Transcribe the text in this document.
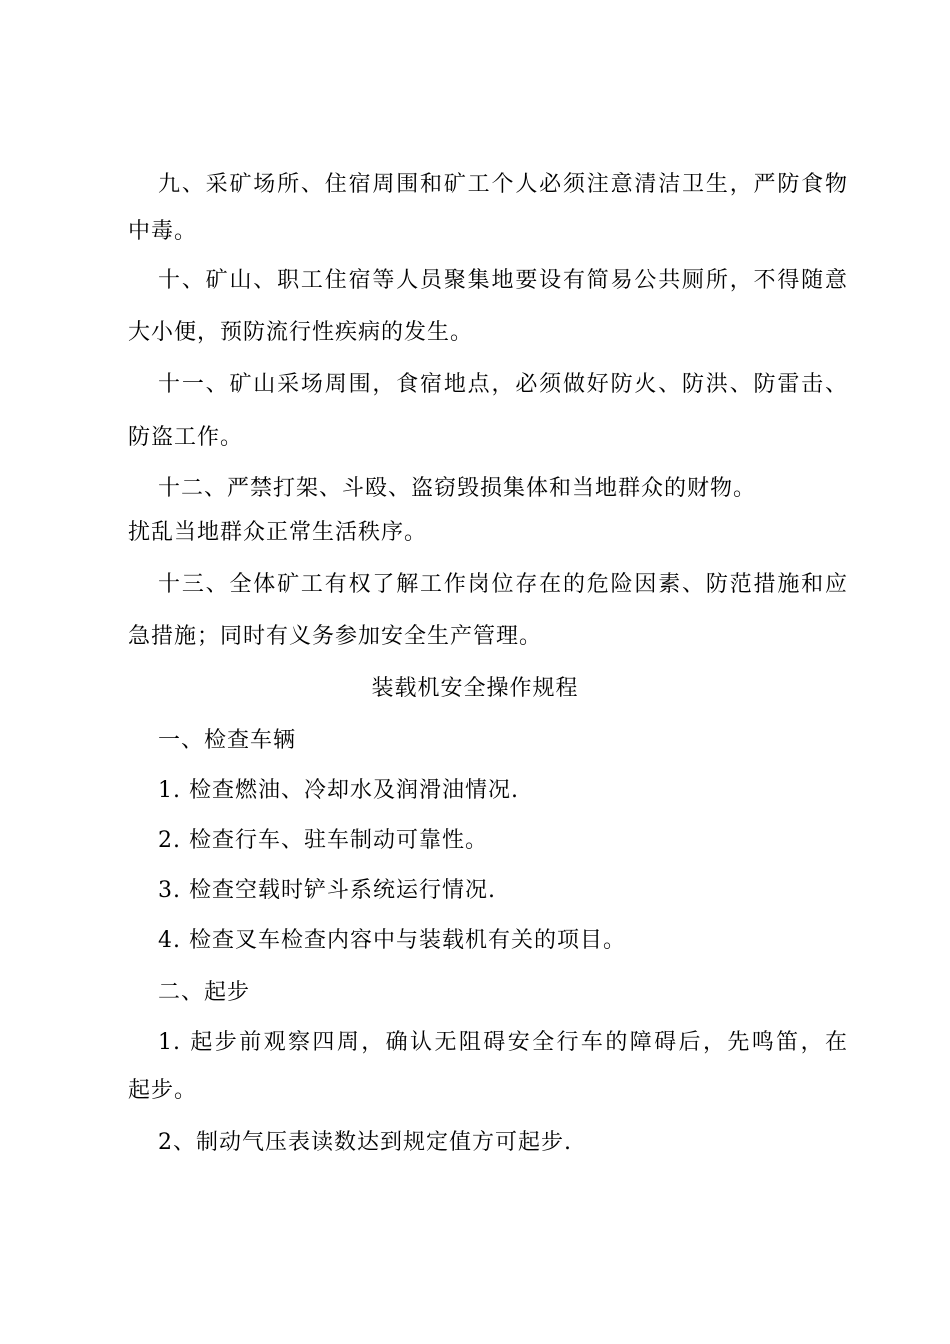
九、采矿场所、住宿周围和矿工个人必须注意清洁卫生，严防食物
中毒。
十、矿山、职工住宿等人员聚集地要设有简易公共厕所，不得随意
大小便，预防流行性疾病的发生。
十一、矿山采场周围，食宿地点，必须做好防火、防洪、防雷击、
防盗工作。
十二、严禁打架、斗殴、盗窃毁损集体和当地群众的财物。
扰乱当地群众正常生活秩序。
十三、全体矿工有权了解工作岗位存在的危险因素、防范措施和应
急措施；同时有义务参加安全生产管理。
装载机安全操作规程
一、检查车辆
1. 检查燃油、冷却水及润滑油情况.
2. 检查行车、驻车制动可靠性。
3. 检查空载时铲斗系统运行情况.
4. 检查叉车检查内容中与装载机有关的项目。
二、起步
1. 起步前观察四周，确认无阻碍安全行车的障碍后，先鸣笛，在
起步。
2、制动气压表读数达到规定值方可起步.
